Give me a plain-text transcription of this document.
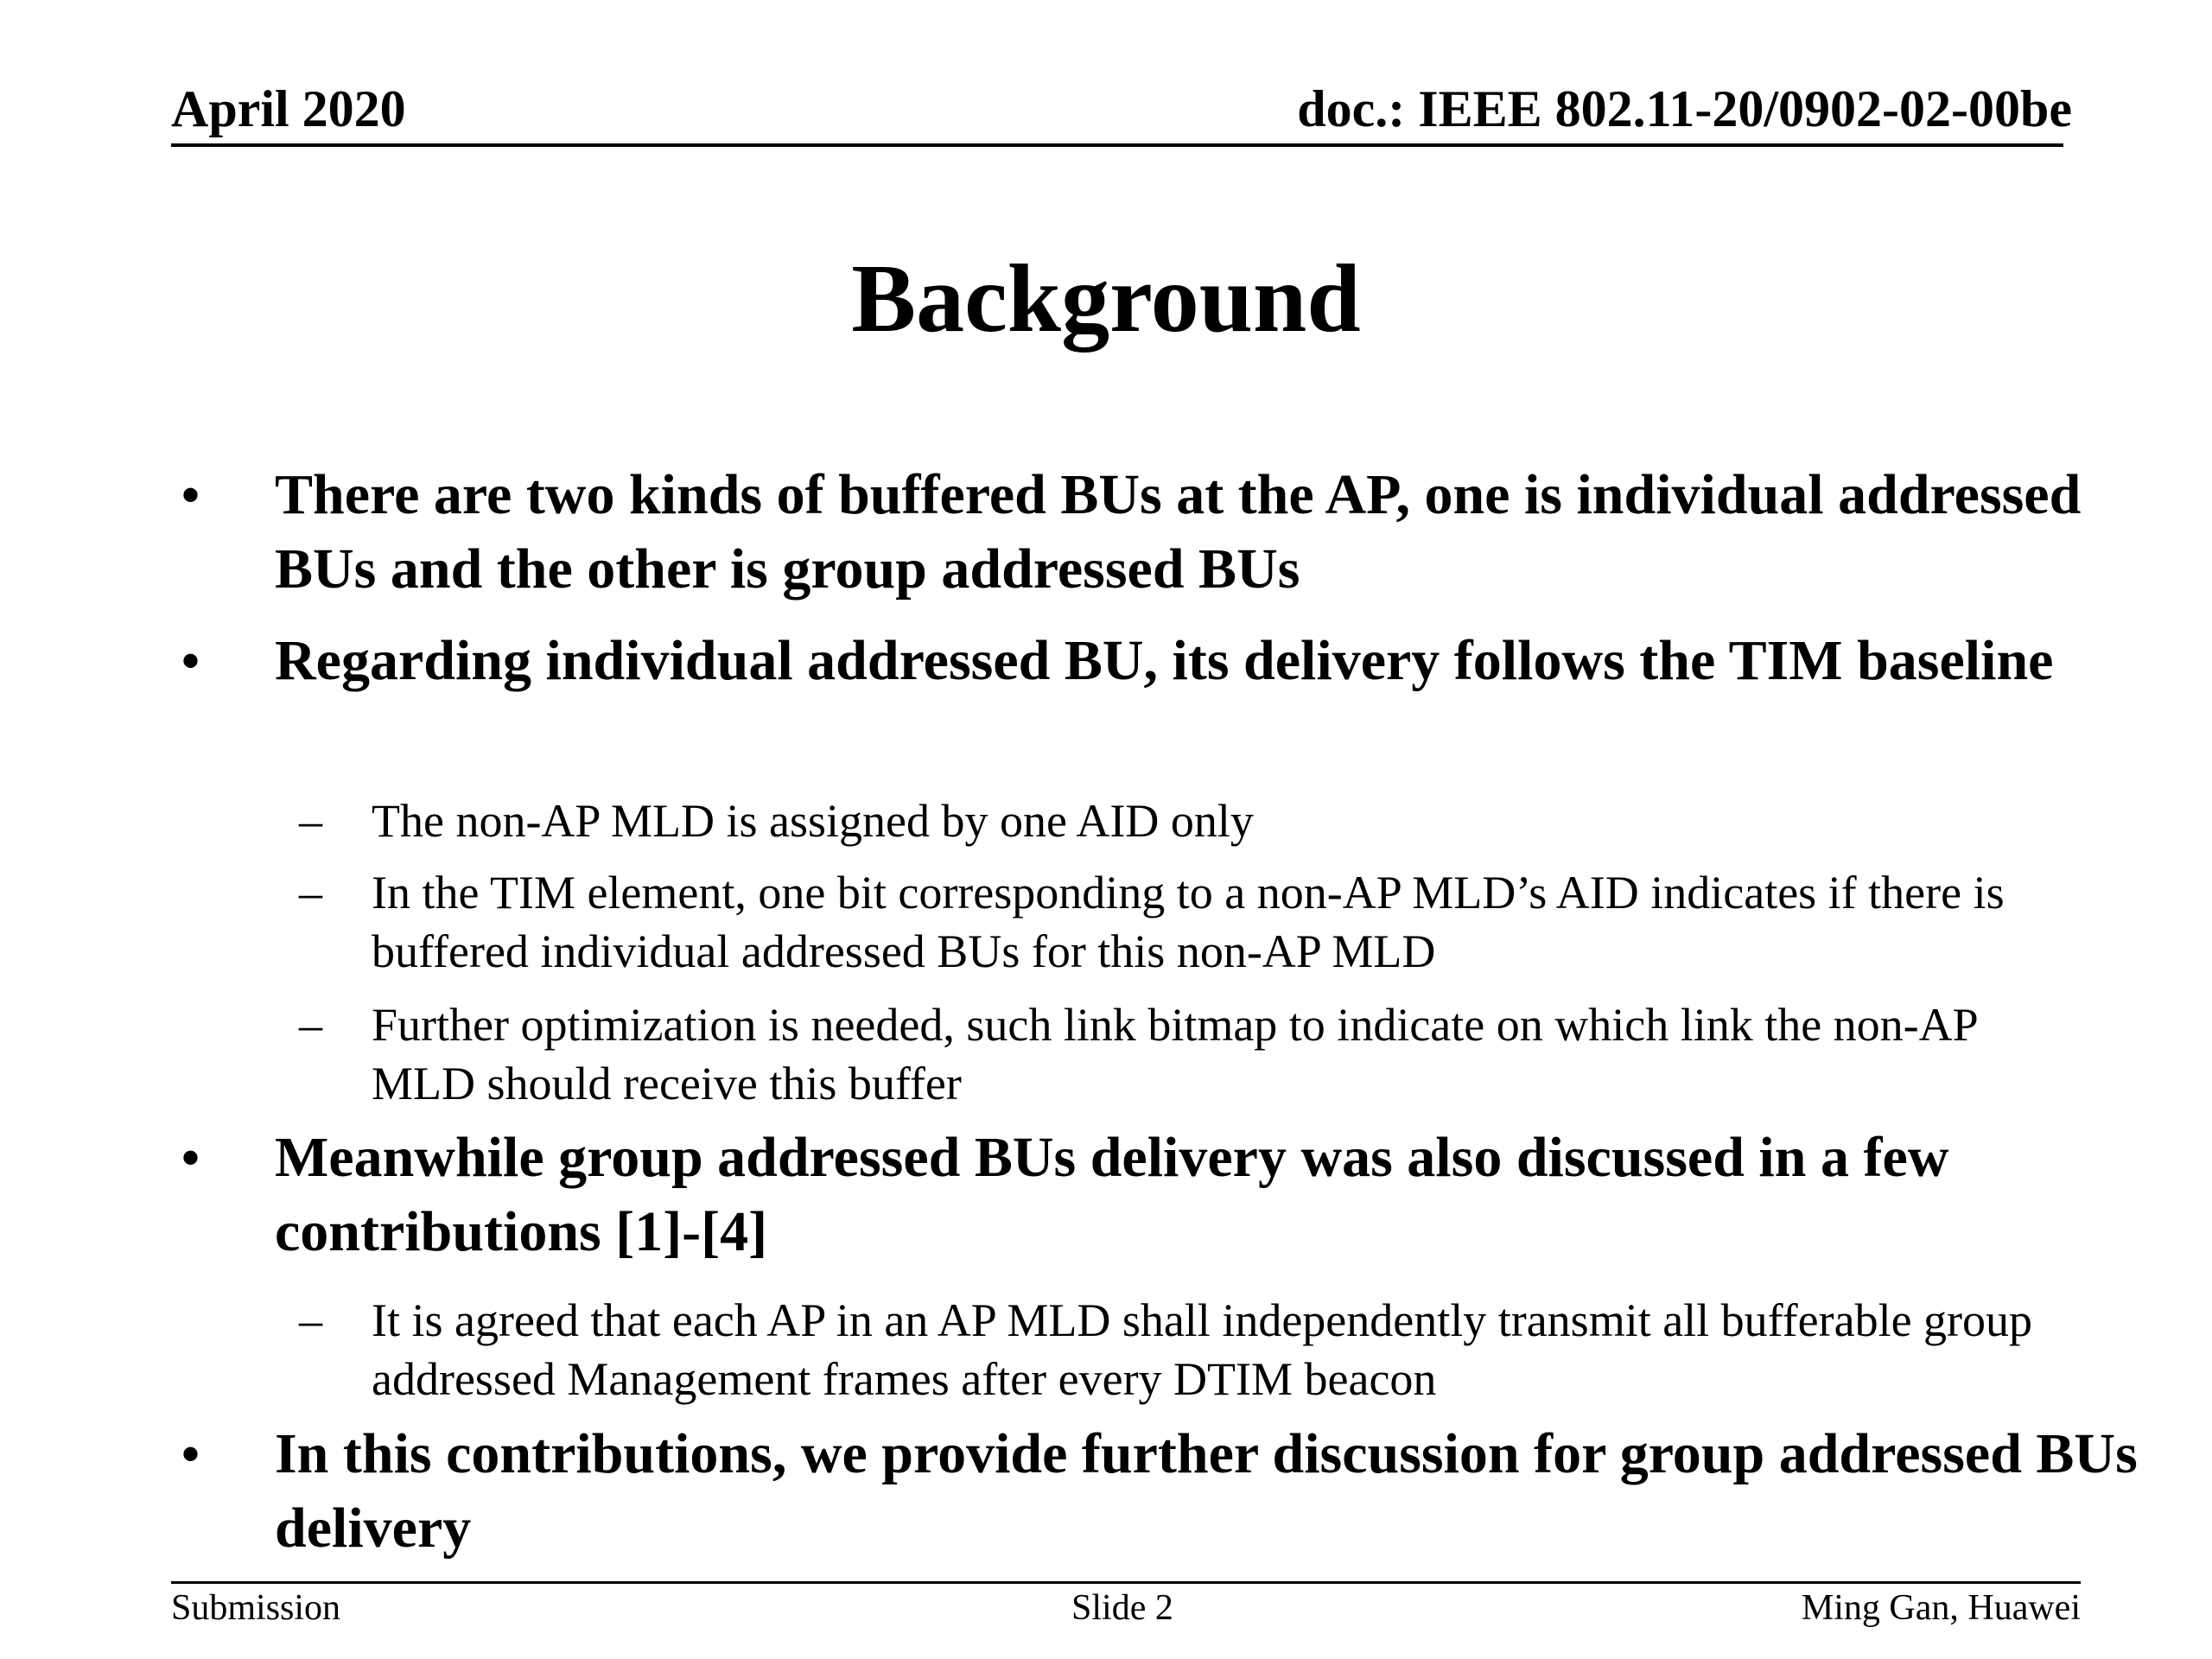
April 2020	doc.: IEEE 802.11-20/0902-02-00be
Background
• There are two kinds of buffered BUs at the AP, one is individual addressed BUs and the other is group addressed BUs
• Regarding individual addressed BU, its delivery follows the TIM baseline
– The non-AP MLD is assigned by one AID only
– In the TIM element, one bit corresponding to a non-AP MLD’s AID indicates if there is buffered individual addressed BUs for this non-AP MLD
– Further optimization is needed, such link bitmap to indicate on which link the non-AP MLD should receive this buffer
• Meanwhile group addressed BUs delivery was also discussed in a few contributions [1]-[4]
– It is agreed that each AP in an AP MLD shall independently transmit all bufferable group addressed Management frames after every DTIM beacon
• In this contributions, we provide further discussion for group addressed BUs delivery
Submission	Slide 2	Ming Gan, Huawei
